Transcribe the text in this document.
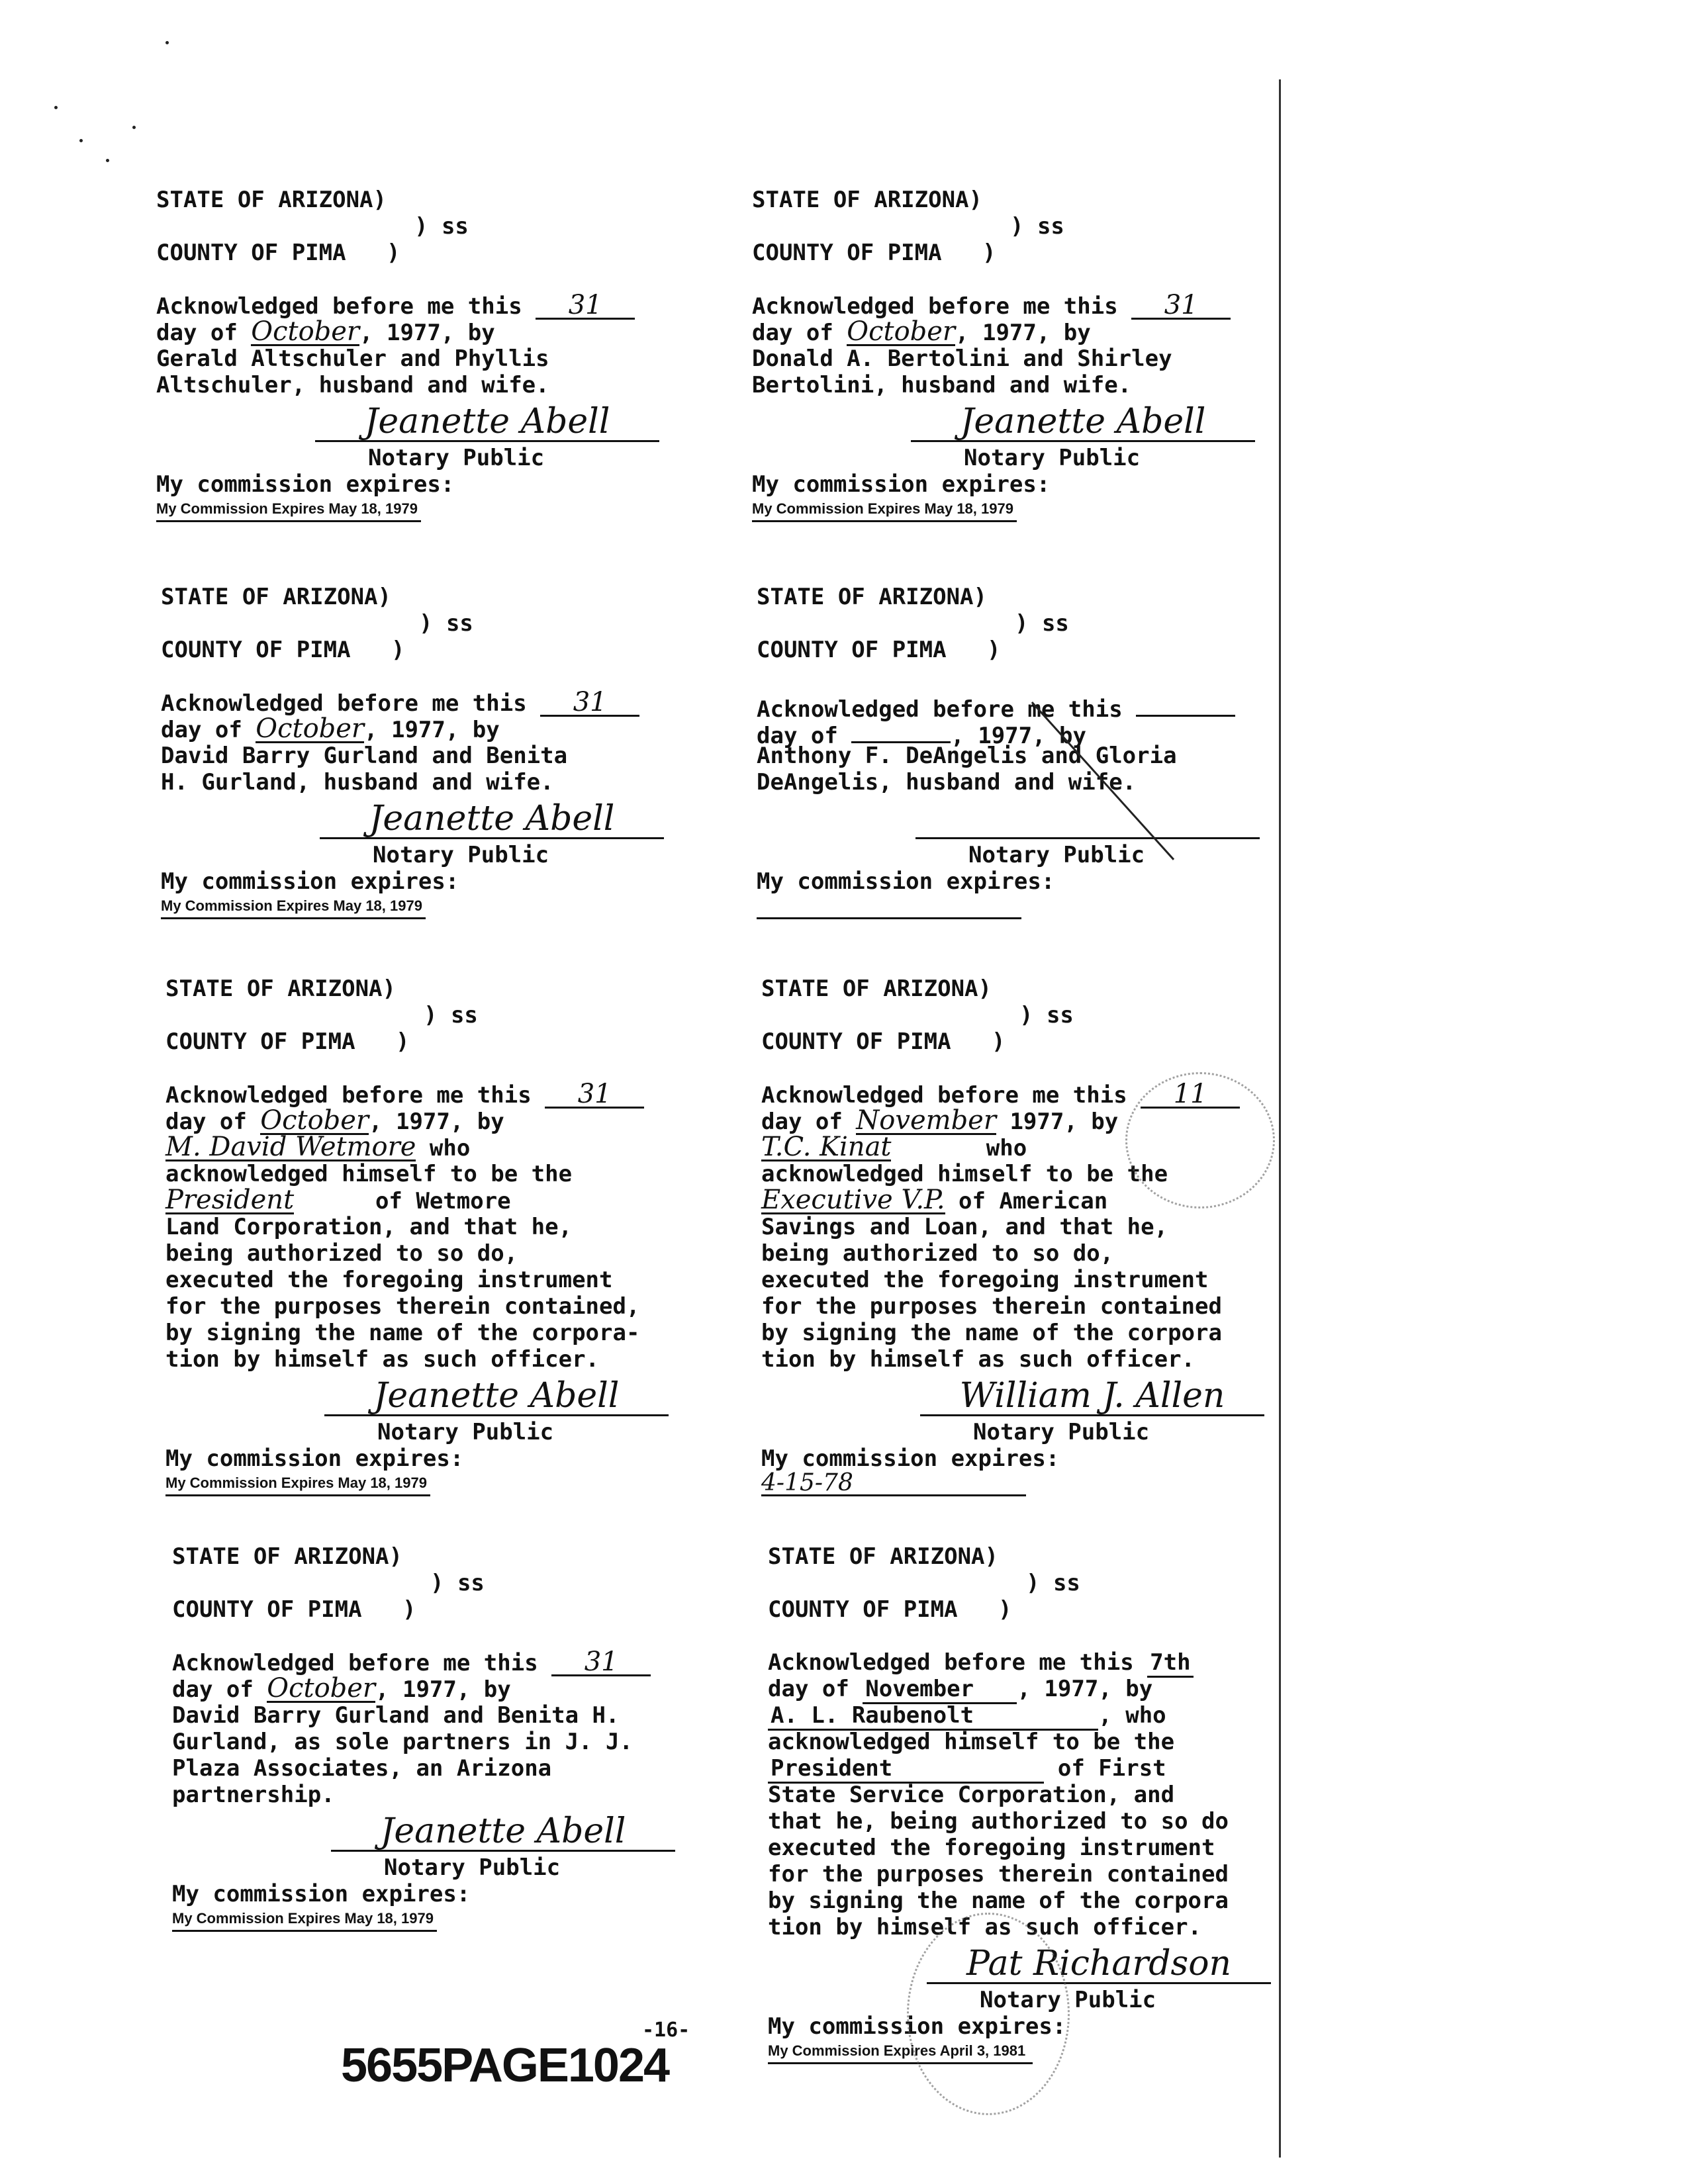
STATE OF ARIZONA)
) ss
COUNTY OF PIMA   )
Acknowledged before me this 31
day of October, 1977, by
Gerald Altschuler and Phyllis
Altschuler, husband and wife.
Jeanette Abell
Notary Public
My commission expires:
My Commission Expires May 18, 1979
STATE OF ARIZONA)
) ss
COUNTY OF PIMA   )
Acknowledged before me this 31
day of October, 1977, by
Donald A. Bertolini and Shirley
Bertolini, husband and wife.
Jeanette Abell
Notary Public
My commission expires:
My Commission Expires May 18, 1979
STATE OF ARIZONA)
) ss
COUNTY OF PIMA   )
Acknowledged before me this 31
day of October, 1977, by
David Barry Gurland and Benita
H. Gurland, husband and wife.
Jeanette Abell
Notary Public
My commission expires:
My Commission Expires May 18, 1979
STATE OF ARIZONA)
) ss
COUNTY OF PIMA   )
Acknowledged before me this
day of	, 1977, by
Anthony F. DeAngelis and Gloria
DeAngelis, husband and wife.
Notary Public
My commission expires:
STATE OF ARIZONA)
) ss
COUNTY OF PIMA   )
Acknowledged before me this 31
day of October, 1977, by
M. David Wetmore who
acknowledged himself to be the
President      of Wetmore
Land Corporation, and that he,
being authorized to so do,
executed the foregoing instrument
for the purposes therein contained,
by signing the name of the corpora-
tion by himself as such officer.
Jeanette Abell
Notary Public
My commission expires:
My Commission Expires May 18, 1979
STATE OF ARIZONA)
) ss
COUNTY OF PIMA   )
Acknowledged before me this 11
day of November 1977, by
T.C. Kinat       who
acknowledged himself to be the
Executive V.P. of American
Savings and Loan, and that he,
being authorized to so do,
executed the foregoing instrument
for the purposes therein contained
by signing the name of the corpora
tion by himself as such officer.
William J. Allen
Notary Public
My commission expires:
4-15-78
STATE OF ARIZONA)
) ss
COUNTY OF PIMA   )
Acknowledged before me this 31
day of October, 1977, by
David Barry Gurland and Benita H.
Gurland, as sole partners in J. J.
Plaza Associates, an Arizona
partnership.
Jeanette Abell
Notary Public
My commission expires:
My Commission Expires May 18, 1979
STATE OF ARIZONA)
) ss
COUNTY OF PIMA   )
Acknowledged before me this 7th
day of November   , 1977, by
A. L. Raubenolt         , who
acknowledged himself to be the
President            of First
State Service Corporation, and
that he, being authorized to so do
executed the foregoing instrument
for the purposes therein contained
by signing the name of the corpora
tion by himself as such officer.
Pat Richardson
Notary Public
My commission expires:
My Commission Expires April 3, 1981
-16-
5655PAGE1024
